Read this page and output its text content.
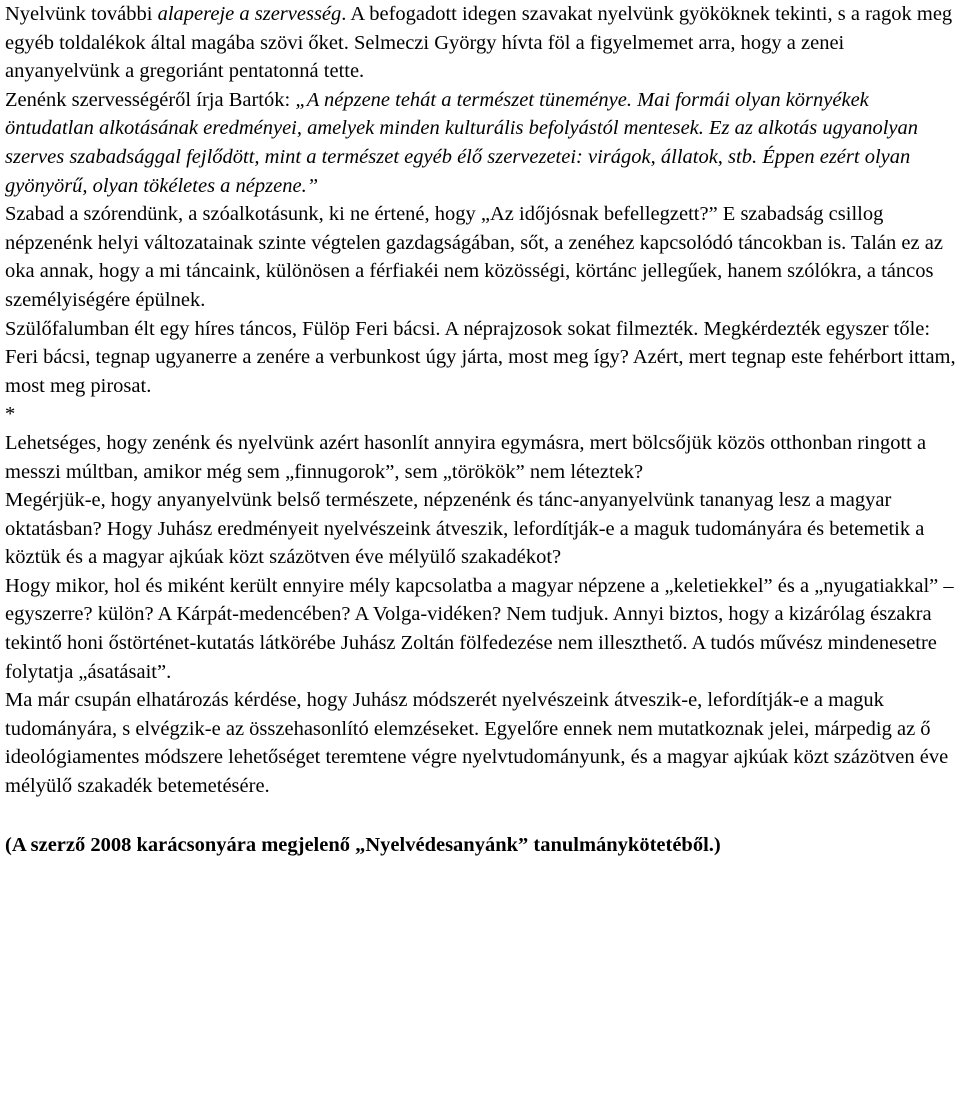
Nyelvünk további alapereje a szervesség. A befogadott idegen szavakat nyelvünk gyököknek tekinti, s a ragok meg egyéb toldalékok által magába szövi őket. Selmeczi György hívta föl a figyelmemet arra, hogy a zenei anyanyelvünk a gregoriánt pentatonná tette.

Zenénk szervességéről írja Bartók: „A népzene tehát a természet tüneménye. Mai formái olyan környékek öntudatlan alkotásának eredményei, amelyek minden kulturális befolyástól mentesek. Ez az alkotás ugyanolyan szerves szabadsággal fejlődött, mint a természet egyéb élő szervezetei: virágok, állatok, stb. Éppen ezért olyan gyönyörű, olyan tökéletes a népzene.”

Szabad a szórendünk, a szóalkotásunk, ki ne értené, hogy „Az időjósnak befellegzett?” E szabadság csillog népzenénk helyi változatainak szinte végtelen gazdagságában, sőt, a zenéhez kapcsolódó táncokban is. Talán ez az oka annak, hogy a mi táncaink, különösen a férfiakéi nem közösségi, körtánc jellegűek, hanem szólókra, a táncos személyiségére épülnek.

Szülőfalumban élt egy híres táncos, Fülöp Feri bácsi. A néprajzosok sokat filmezték. Megkérdezték egyszer tőle: Feri bácsi, tegnap ugyanerre a zenére a verbunkost úgy járta, most meg így? Azért, mert tegnap este fehérbort ittam, most meg pirosat.

*

Lehetséges, hogy zenénk és nyelvünk azért hasonlít annyira egymásra, mert bölcsőjük közös otthonban ringott a messzi múltban, amikor még sem „finnugorok”, sem „törökök” nem léteztek?

Megérjük-e, hogy anyanyelvünk belső természete, népzenénk és tánc-anyanyelvünk tananyag lesz a magyar oktatásban? Hogy Juhász eredményeit nyelvészeink átveszik, lefordítják-e a maguk tudományára és betemetik a köztük és a magyar ajkúak közt százötven éve mélyülő szakadékot?

Hogy mikor, hol és miként került ennyire mély kapcsolatba a magyar népzene a „keletiekkel” és a „nyugatiakkal” – egyszerre? külön? A Kárpát-medencében? A Volga-vidéken? Nem tudjuk. Annyi biztos, hogy a kizárólag északra tekintő honi őstörténet-kutatás látkörébe Juhász Zoltán fölfedezése nem illeszthető. A tudós művész mindenesetre folytatja „ásatásait”.

Ma már csupán elhatározás kérdése, hogy Juhász módszerét nyelvészeink átveszik-e, lefordítják-e a maguk tudományára, s elvégzik-e az összehasonlító elemzéseket. Egyelőre ennek nem mutatkoznak jelei, márpedig az ő ideológiamentes módszere lehetőséget teremtene végre nyelvtudományunk, és a magyar ajkúak közt százötven éve mélyülő szakadék betemetésére.

(A szerző 2008 karácsonyára megjelenő „Nyelvédesanyánk” tanulmánykötetéből.)
